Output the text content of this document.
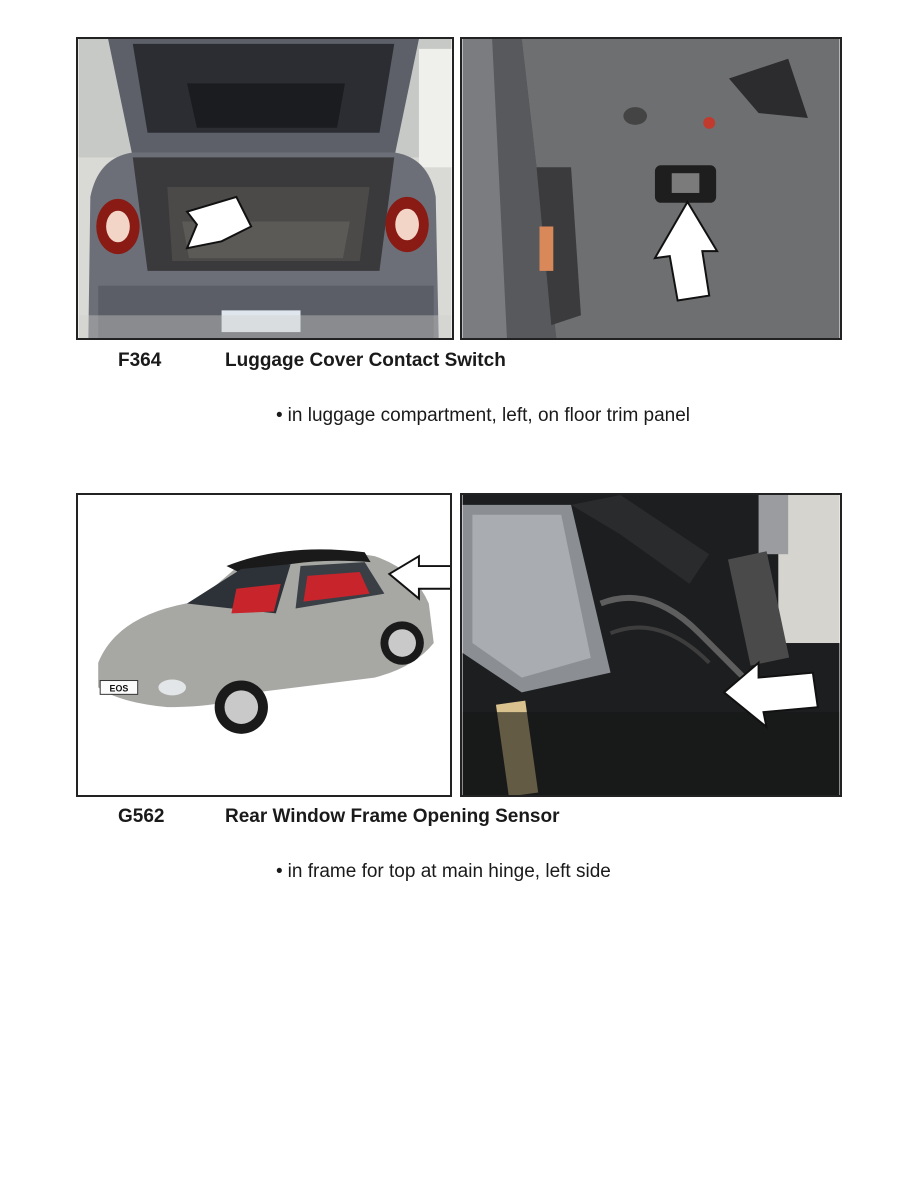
F364	Luggage Cover Contact Switch
• in luggage compartment, left, on floor trim panel
EOS
G562	Rear Window Frame Opening Sensor
• in frame for top at main hinge, left side
